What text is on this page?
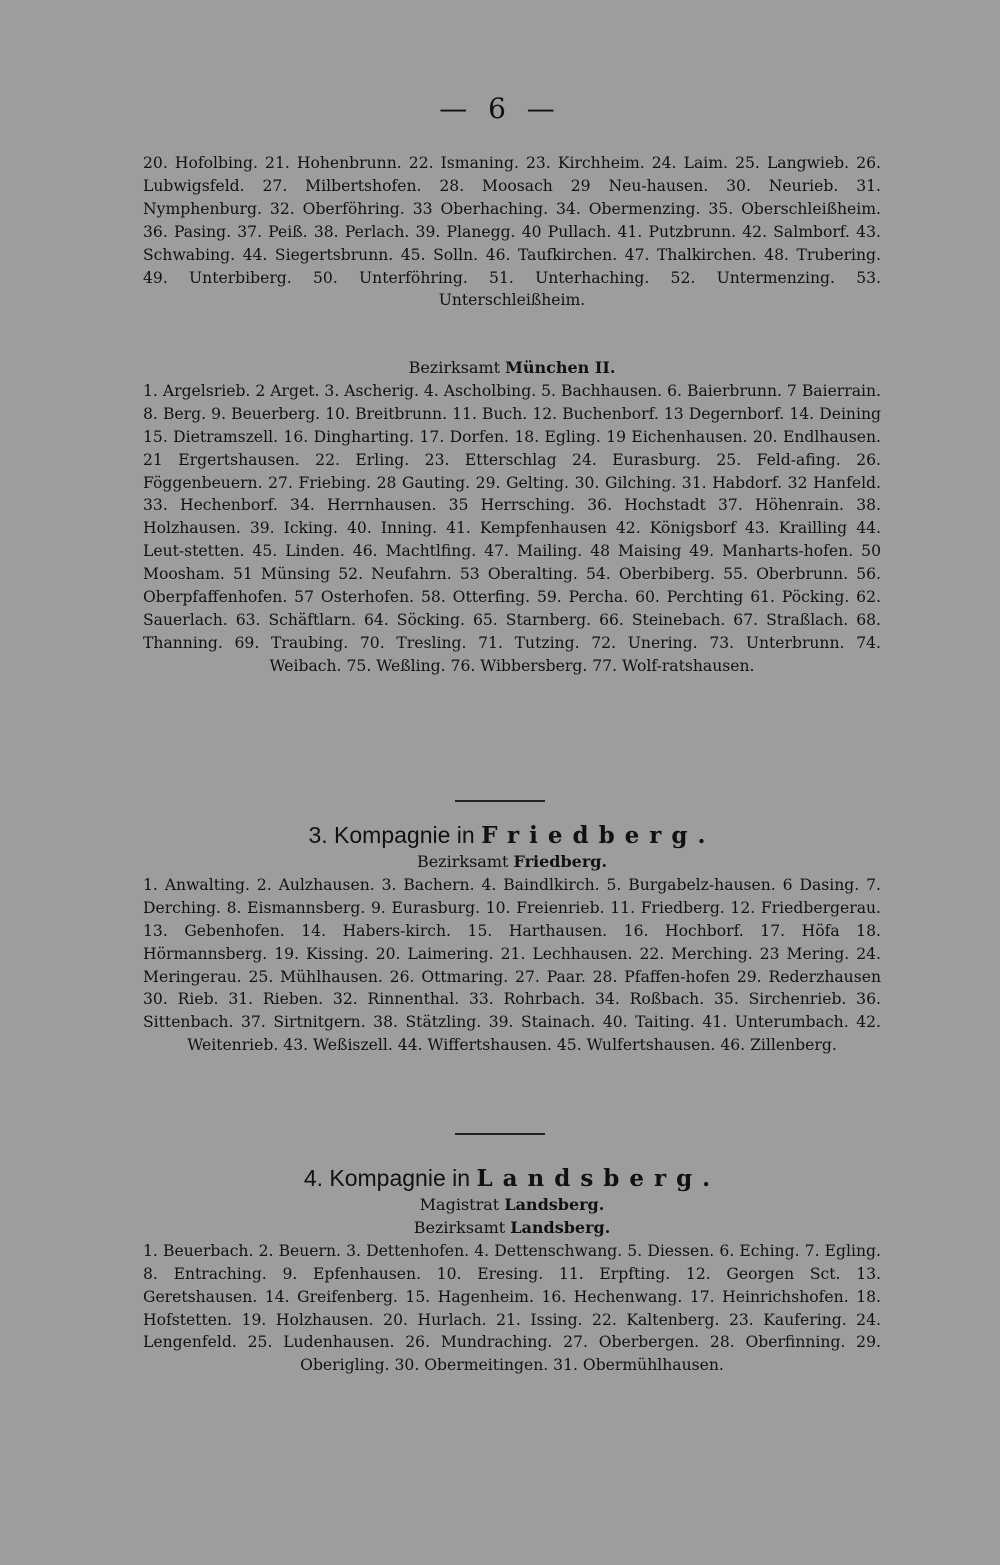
— 6 —

20. Hofolbing. 21. Hohenbrunn. 22. Ismaning. 23. Kirchheim. 24. Laim. 25. Langwieb. 26. Lubwigsfeld. 27. Milbertshofen. 28. Moosach 29 Neu-hausen. 30. Neurieb. 31. Nymphenburg. 32. Oberföhring. 33 Oberhaching. 34. Obermenzing. 35. Oberschleißheim. 36. Pasing. 37. Peiß. 38. Perlach. 39. Planegg. 40 Pullach. 41. Putzbrunn. 42. Salmborf. 43. Schwabing. 44. Siegertsbrunn. 45. Solln. 46. Taufkirchen. 47. Thalkirchen. 48. Trubering. 49. Unterbiberg. 50. Unterföhring. 51. Unterhaching. 52. Untermenzing. 53. Unterschleißheim.

Bezirksamt München II.

1. Argelsrieb. 2 Arget. 3. Ascherig. 4. Ascholbing. 5. Bachhausen. 6. Baierbrunn. 7 Baierrain. 8. Berg. 9. Beuerberg. 10. Breitbrunn. 11. Buch. 12. Buchenborf. 13 Degernborf. 14. Deining 15. Dietramszell. 16. Dingharting. 17. Dorfen. 18. Egling. 19 Eichenhausen. 20. Endlhausen. 21 Ergertshausen. 22. Erling. 23. Etterschlag 24. Eurasburg. 25. Feld-afing. 26. Föggenbeuern. 27. Friebing. 28 Gauting. 29. Gelting. 30. Gilching. 31. Habdorf. 32 Hanfeld. 33. Hechenborf. 34. Herrnhausen. 35 Herrsching. 36. Hochstadt 37. Höhenrain. 38. Holzhausen. 39. Icking. 40. Inning. 41. Kempfenhausen 42. Königsborf 43. Krailling 44. Leut-stetten. 45. Linden. 46. Machtlfing. 47. Mailing. 48 Maising 49. Manharts-hofen. 50 Moosham. 51 Münsing 52. Neufahrn. 53 Oberalting. 54. Oberbiberg. 55. Oberbrunn. 56. Oberpfaffenhofen. 57 Osterhofen. 58. Otterfing. 59. Percha. 60. Perchting 61. Pöcking. 62. Sauerlach. 63. Schäftlarn. 64. Söcking. 65. Starnberg. 66. Steinebach. 67. Straßlach. 68. Thanning. 69. Traubing. 70. Tresling. 71. Tutzing. 72. Unering. 73. Unterbrunn. 74. Weibach. 75. Weßling. 76. Wibbersberg. 77. Wolf-ratshausen.

3. Kompagnie in Friedberg.

Bezirksamt Friedberg.

1. Anwalting. 2. Aulzhausen. 3. Bachern. 4. Baindlkirch. 5. Burgabelz-hausen. 6 Dasing. 7. Derching. 8. Eismannsberg. 9. Eurasburg. 10. Freienrieb. 11. Friedberg. 12. Friedbergerau. 13. Gebenhofen. 14. Habers-kirch. 15. Harthausen. 16. Hochborf. 17. Höfa 18. Hörmannsberg. 19. Kissing. 20. Laimering. 21. Lechhausen. 22. Merching. 23 Mering. 24. Meringerau. 25. Mühlhausen. 26. Ottmaring. 27. Paar. 28. Pfaffen-hofen 29. Rederzhausen 30. Rieb. 31. Rieben. 32. Rinnenthal. 33. Rohrbach. 34. Roßbach. 35. Sirchenrieb. 36. Sittenbach. 37. Sirtnitgern. 38. Stätzling. 39. Stainach. 40. Taiting. 41. Unterumbach. 42. Weitenrieb. 43. Weßiszell. 44. Wiffertshausen. 45. Wulfertshausen. 46. Zillenberg.

4. Kompagnie in Landsberg.

Magistrat Landsberg.

Bezirksamt Landsberg.

1. Beuerbach. 2. Beuern. 3. Dettenhofen. 4. Dettenschwang. 5. Diessen. 6. Eching. 7. Egling. 8. Entraching. 9. Epfenhausen. 10. Eresing. 11. Erpfting. 12. Georgen Sct. 13. Geretshausen. 14. Greifenberg. 15. Hagenheim. 16. Hechenwang. 17. Heinrichshofen. 18. Hofstetten. 19. Holzhausen. 20. Hurlach. 21. Issing. 22. Kaltenberg. 23. Kaufering. 24. Lengenfeld. 25. Ludenhausen. 26. Mundraching. 27. Oberbergen. 28. Oberfinning. 29. Oberigling. 30. Obermeitingen. 31. Obermühlhausen.
